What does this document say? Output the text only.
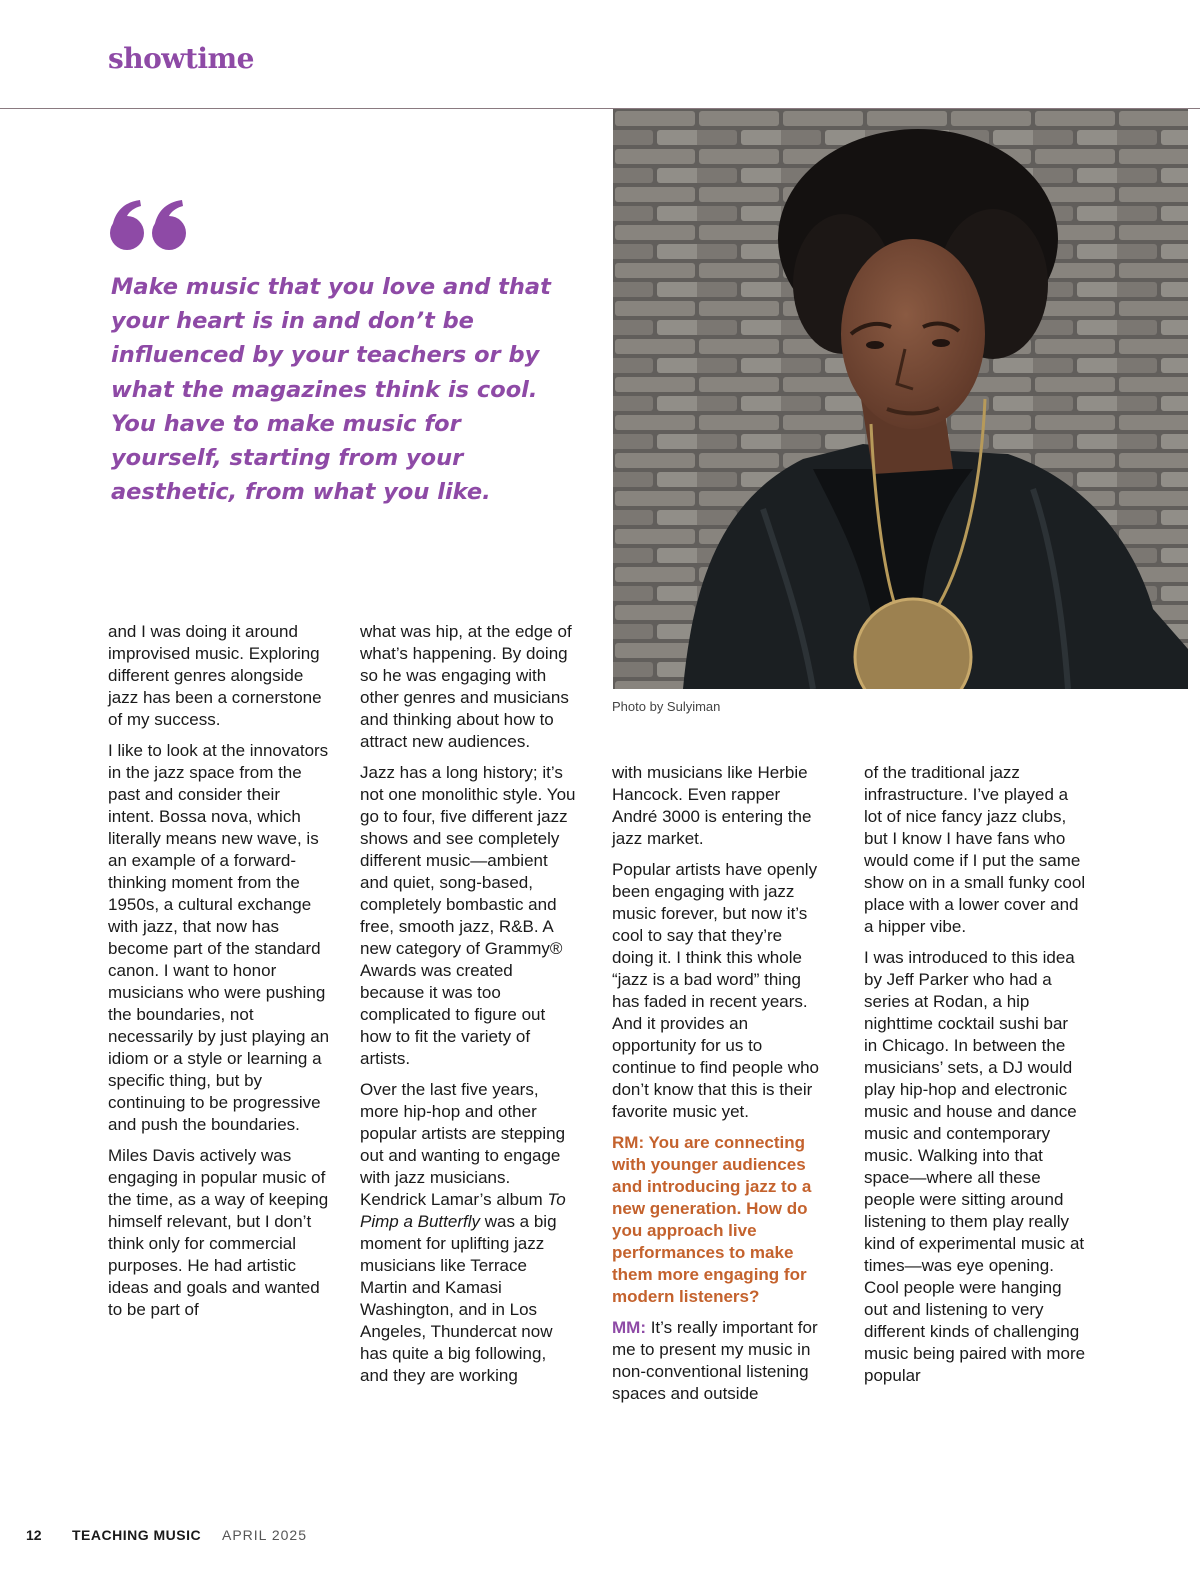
showtime
Photo by Sulyiman

Make music that you love and that your heart is in and don’t be influenced by your teachers or by what the magazines think is cool. You have to make music for yourself, starting from your aesthetic, from what you like.

and I was doing it around improvised music. Exploring different genres alongside jazz has been a cornerstone of my success.

I like to look at the innovators in the jazz space from the past and consider their intent. Bossa nova, which literally means new wave, is an example of a forward-thinking moment from the 1950s, a cultural exchange with jazz, that now has become part of the standard canon. I want to honor musicians who were pushing the boundaries, not necessarily by just playing an idiom or a style or learning a specific thing, but by continuing to be progressive and push the boundaries.

Miles Davis actively was engaging in popular music of the time, as a way of keeping himself relevant, but I don’t think only for commercial purposes. He had artistic ideas and goals and wanted to be part of

what was hip, at the edge of what’s happening. By doing so he was engaging with other genres and musicians and thinking about how to attract new audiences.

Jazz has a long history; it’s not one monolithic style. You go to four, five different jazz shows and see completely different music—ambient and quiet, song-based, completely bombastic and free, smooth jazz, R&B. A new category of Grammy® Awards was created because it was too complicated to figure out how to fit the variety of artists.

Over the last five years, more hip-hop and other popular artists are stepping out and wanting to engage with jazz musicians. Kendrick Lamar’s album To Pimp a Butterfly was a big moment for uplifting jazz musicians like Terrace Martin and Kamasi Washington, and in Los Angeles, Thundercat now has quite a big following, and they are working

with musicians like Herbie Hancock. Even rapper André 3000 is entering the jazz market.

Popular artists have openly been engaging with jazz music forever, but now it’s cool to say that they’re doing it. I think this whole “jazz is a bad word” thing has faded in recent years. And it provides an opportunity for us to continue to find people who don’t know that this is their favorite music yet.

RM: You are connecting with younger audiences and introducing jazz to a new generation. How do you approach live performances to make them more engaging for modern listeners?

MM: It’s really important for me to present my music in non-conventional listening spaces and outside

of the traditional jazz infrastructure. I’ve played a lot of nice fancy jazz clubs, but I know I have fans who would come if I put the same show on in a small funky cool place with a lower cover and a hipper vibe.

I was introduced to this idea by Jeff Parker who had a series at Rodan, a hip nighttime cocktail sushi bar in Chicago. In between the musicians’ sets, a DJ would play hip-hop and electronic music and house and dance music and contemporary music. Walking into that space—where all these people were sitting around listening to them play really kind of experimental music at times—was eye opening. Cool people were hanging out and listening to very different kinds of challenging music being paired with more popular

12 TEACHING MUSIC APRIL 2025
